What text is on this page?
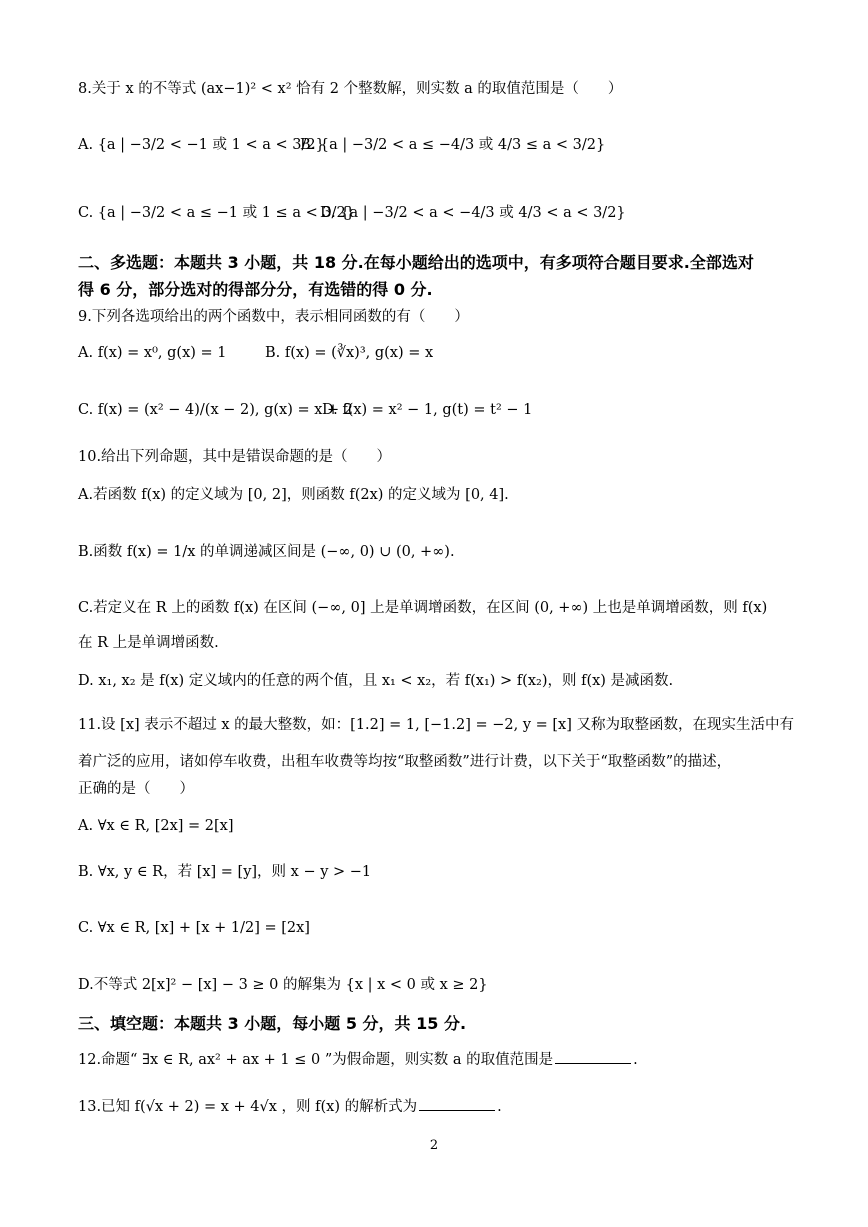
8.关于 x 的不等式 (ax−1)² < x² 恰有 2 个整数解，则实数 a 的取值范围是（　　）
A. {a | −3/2 < −1 或 1 < a < 3/2}
B. {a | −3/2 < a ≤ −4/3 或 4/3 ≤ a < 3/2}
C. {a | −3/2 < a ≤ −1 或 1 ≤ a < 3/2}
D. {a | −3/2 < a < −4/3 或 4/3 < a < 3/2}
二、多选题：本题共 3 小题，共 18 分.在每小题给出的选项中，有多项符合题目要求.全部选对
得 6 分，部分选对的得部分分，有选错的得 0 分.
9.下列各选项给出的两个函数中，表示相同函数的有（　　）
A. f(x) = x⁰, g(x) = 1	B. f(x) = (∛x)³, g(x) = x
C. f(x) = (x² − 4)/(x − 2), g(x) = x + 2
D. f(x) = x² − 1, g(t) = t² − 1
10.给出下列命题，其中是错误命题的是（　　）
A.若函数 f(x) 的定义域为 [0, 2]，则函数 f(2x) 的定义域为 [0, 4].
B.函数 f(x) = 1/x 的单调递减区间是 (−∞, 0) ∪ (0, +∞).
C.若定义在 R 上的函数 f(x) 在区间 (−∞, 0] 上是单调增函数，在区间 (0, +∞) 上也是单调增函数，则 f(x)
在 R 上是单调增函数.
D. x₁, x₂ 是 f(x) 定义域内的任意的两个值，且 x₁ < x₂，若 f(x₁) > f(x₂)，则 f(x) 是减函数.
11.设 [x] 表示不超过 x 的最大整数，如：[1.2] = 1, [−1.2] = −2, y = [x] 又称为取整函数，在现实生活中有
着广泛的应用，诸如停车收费，出租车收费等均按“取整函数”进行计费，以下关于“取整函数”的描述，
正确的是（　　）
A. ∀x ∈ R, [2x] = 2[x]
B. ∀x, y ∈ R，若 [x] = [y]，则 x − y > −1
C. ∀x ∈ R, [x] + [x + 1/2] = [2x]
D.不等式 2[x]² − [x] − 3 ≥ 0 的解集为 {x | x < 0 或 x ≥ 2}
三、填空题：本题共 3 小题，每小题 5 分，共 15 分.
12.命题“ ∃x ∈ R, ax² + ax + 1 ≤ 0 ”为假命题，则实数 a 的取值范围是	.
13.已知 f(√x + 2) = x + 4√x ，则 f(x) 的解析式为	.
2
